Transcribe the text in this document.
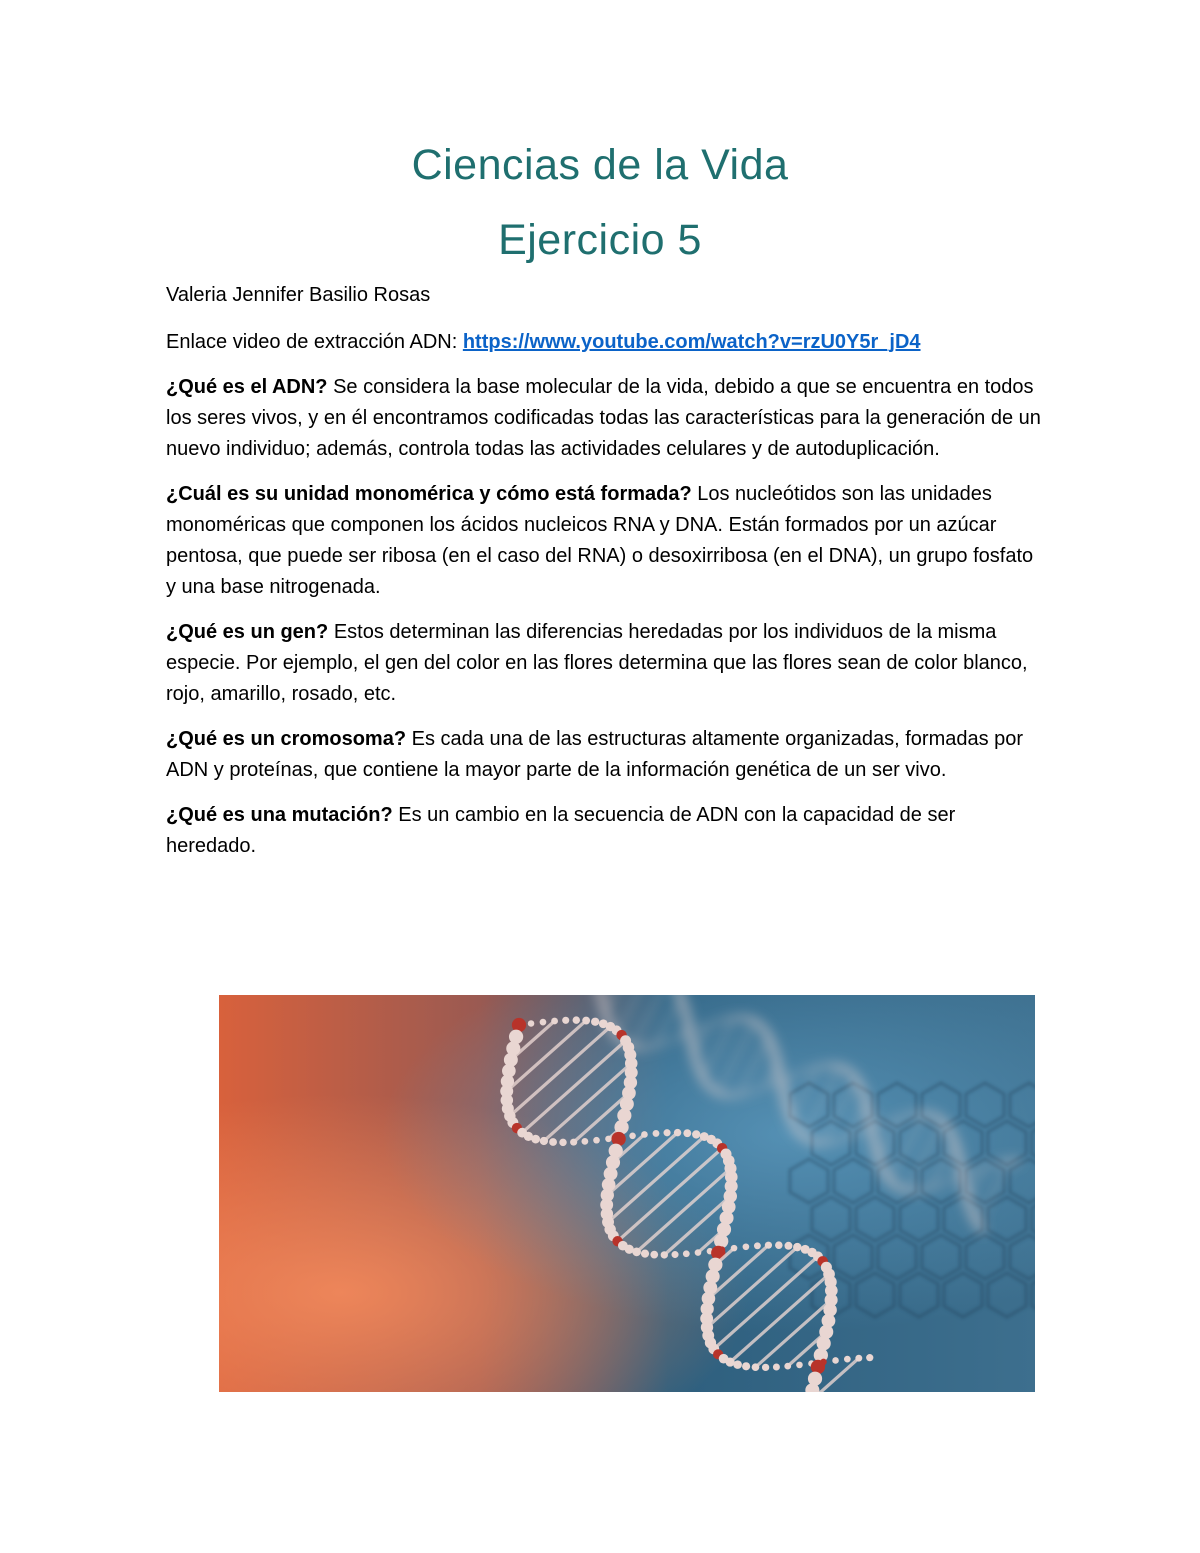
Ciencias de la Vida
Ejercicio 5

Valeria Jennifer Basilio Rosas

Enlace video de extracción ADN: https://www.youtube.com/watch?v=rzU0Y5r_jD4

¿Qué es el ADN? Se considera la base molecular de la vida, debido a que se encuentra en todos los seres vivos, y en él encontramos codificadas todas las características para la generación de un nuevo individuo; además, controla todas las actividades celulares y de autoduplicación.

¿Cuál es su unidad monomérica y cómo está formada? Los nucleótidos son las unidades monoméricas que componen los ácidos nucleicos RNA y DNA. Están formados por un azúcar pentosa, que puede ser ribosa (en el caso del RNA) o desoxirribosa (en el DNA), un grupo fosfato y una base nitrogenada.

¿Qué es un gen? Estos determinan las diferencias heredadas por los individuos de la misma especie. Por ejemplo, el gen del color en las flores determina que las flores sean de color blanco, rojo, amarillo, rosado, etc.

¿Qué es un cromosoma? Es cada una de las estructuras altamente organizadas, formadas por ADN y proteínas, que contiene la mayor parte de la información genética de un ser vivo.

¿Qué es una mutación? Es un cambio en la secuencia de ADN con la capacidad de ser heredado.
